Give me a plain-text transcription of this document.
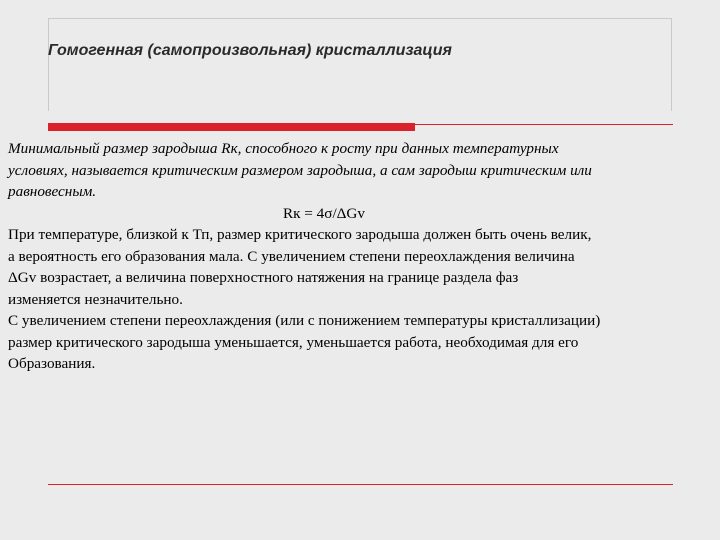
Гомогенная (самопроизвольная) кристаллизация
Минимальный размер зародыша Rк, способного к росту при данных температурных
условиях, называется критическим размером зародыша, а сам зародыш критическим или
равновесным.
Rк = 4σ/ΔGv
При температуре, близкой к Тп, размер критического зародыша должен быть очень велик,
а вероятность его образования мала. С увеличением степени переохлаждения величина
ΔGv возрастает, а величина поверхностного натяжения на границе раздела фаз
изменяется незначительно.
С увеличением степени переохлаждения (или с понижением температуры кристаллизации)
размер критического зародыша уменьшается, уменьшается работа, необходимая для его
Образования.
